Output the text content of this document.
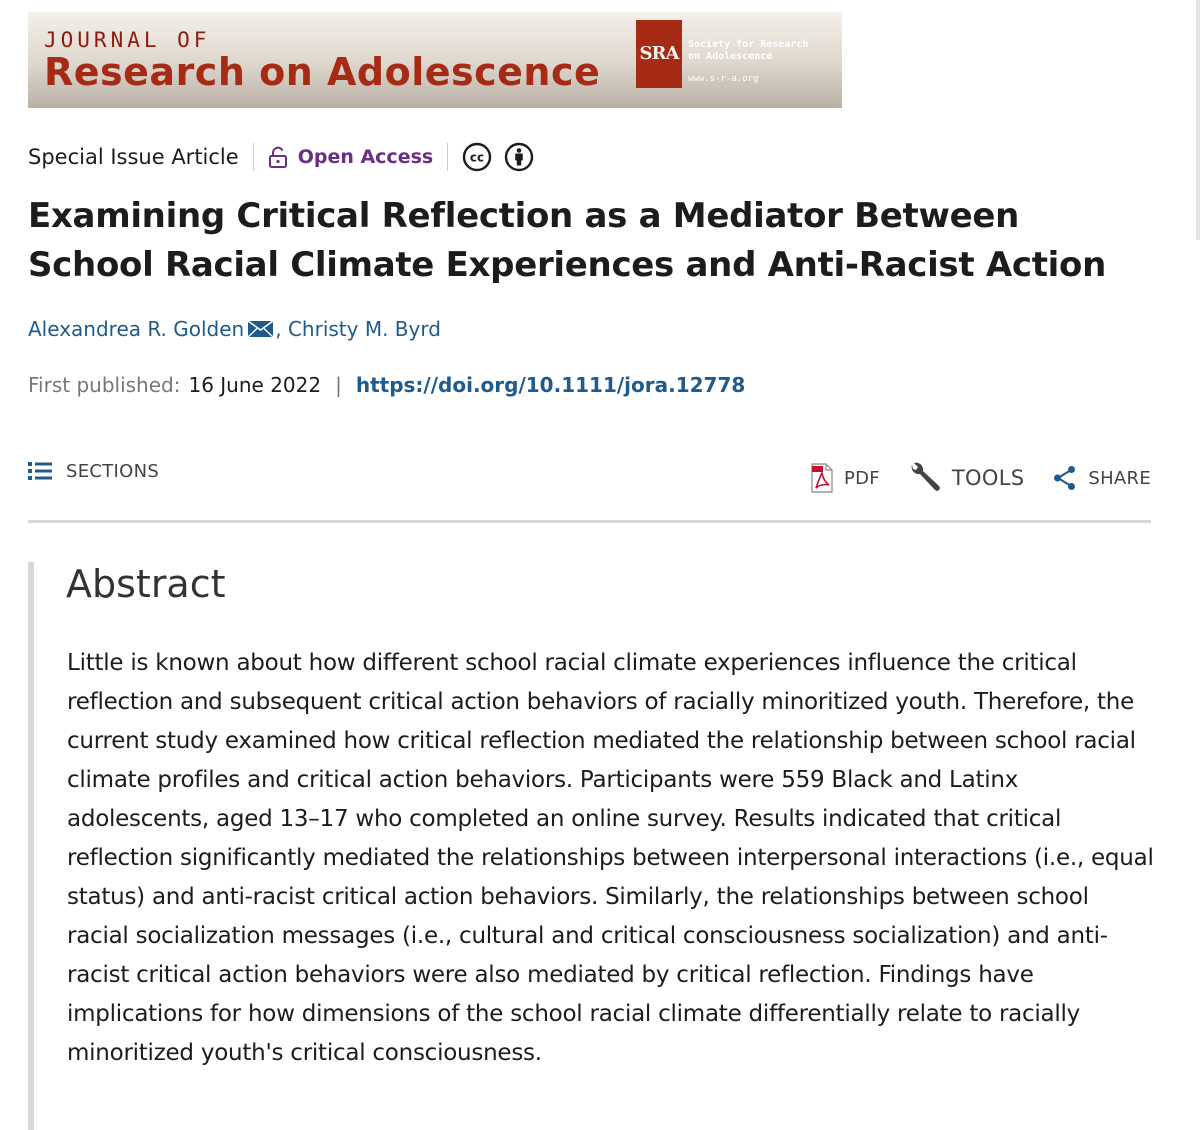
JOURNAL OF
Research on Adolescence SRA Society for Research
on Adolescence
www.s-r-a.org
Special Issue Article	Open Access	cc
Examining Critical Reflection as a Mediator Between School Racial Climate Experiences and Anti-Racist Action
Alexandrea R. Golden , Christy M. Byrd
First published: 16 June 2022 | https://doi.org/10.1111/jora.12778
SECTIONS	PDF	TOOLS	SHARE
Abstract

Little is known about how different school racial climate experiences influence the critical reflection and subsequent critical action behaviors of racially minoritized youth. Therefore, the current study examined how critical reflection mediated the relationship between school racial climate profiles and critical action behaviors. Participants were 559 Black and Latinx adolescents, aged 13–17 who completed an online survey. Results indicated that critical reflection significantly mediated the relationships between interpersonal interactions (i.e., equal status) and anti-racist critical action behaviors. Similarly, the relationships between school racial socialization messages (i.e., cultural and critical consciousness socialization) and anti-racist critical action behaviors were also mediated by critical reflection. Findings have implications for how dimensions of the school racial climate differentially relate to racially minoritized youth's critical consciousness.
